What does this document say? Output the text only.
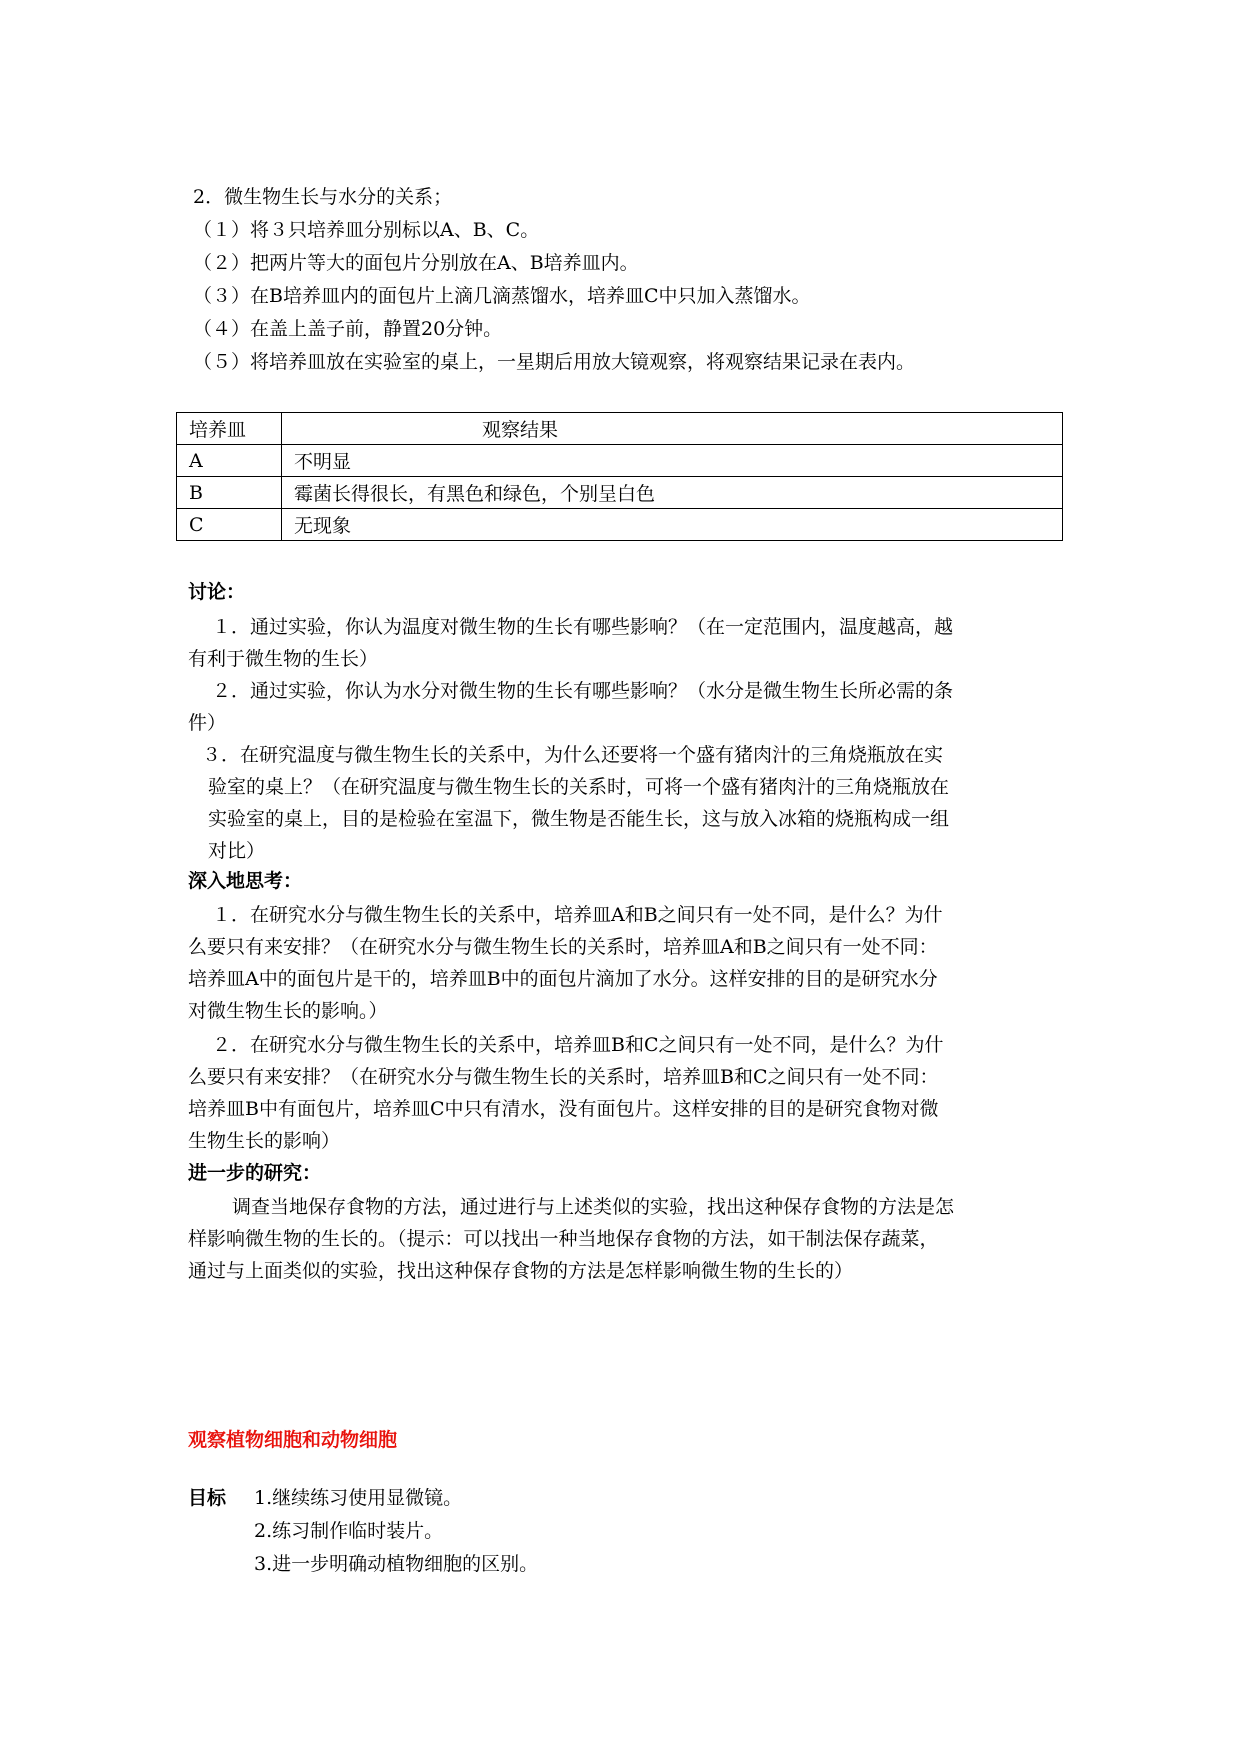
2．微生物生长与水分的关系；
（１）将３只培养皿分别标以A、B、C。
（２）把两片等大的面包片分别放在A、B培养皿内。
（３）在B培养皿内的面包片上滴几滴蒸馏水，培养皿C中只加入蒸馏水。
（４）在盖上盖子前，静置20分钟。
（５）将培养皿放在实验室的桌上，一星期后用放大镜观察，将观察结果记录在表内。
培养皿	观察结果
A	不明显
B	霉菌长得很长，有黑色和绿色，个别呈白色
C	无现象
讨论：
１．通过实验，你认为温度对微生物的生长有哪些影响？（在一定范围内，温度越高，越
有利于微生物的生长）
２．通过实验，你认为水分对微生物的生长有哪些影响？（水分是微生物生长所必需的条
件）
３．在研究温度与微生物生长的关系中，为什么还要将一个盛有猪肉汁的三角烧瓶放在实
验室的桌上？（在研究温度与微生物生长的关系时，可将一个盛有猪肉汁的三角烧瓶放在
实验室的桌上，目的是检验在室温下，微生物是否能生长，这与放入冰箱的烧瓶构成一组
对比）
深入地思考：
１．在研究水分与微生物生长的关系中，培养皿A和B之间只有一处不同，是什么？为什
么要只有来安排？（在研究水分与微生物生长的关系时，培养皿A和B之间只有一处不同：
培养皿A中的面包片是干的，培养皿B中的面包片滴加了水分。这样安排的目的是研究水分
对微生物生长的影响。）
２．在研究水分与微生物生长的关系中，培养皿B和C之间只有一处不同，是什么？为什
么要只有来安排？（在研究水分与微生物生长的关系时，培养皿B和C之间只有一处不同：
培养皿B中有面包片，培养皿C中只有清水，没有面包片。这样安排的目的是研究食物对微
生物生长的影响）
进一步的研究：
调查当地保存食物的方法，通过进行与上述类似的实验，找出这种保存食物的方法是怎
样影响微生物的生长的。（提示：可以找出一种当地保存食物的方法，如干制法保存蔬菜，
通过与上面类似的实验，找出这种保存食物的方法是怎样影响微生物的生长的）
观察植物细胞和动物细胞
目标 1.继续练习使用显微镜。
2.练习制作临时装片。
3.进一步明确动植物细胞的区别。
